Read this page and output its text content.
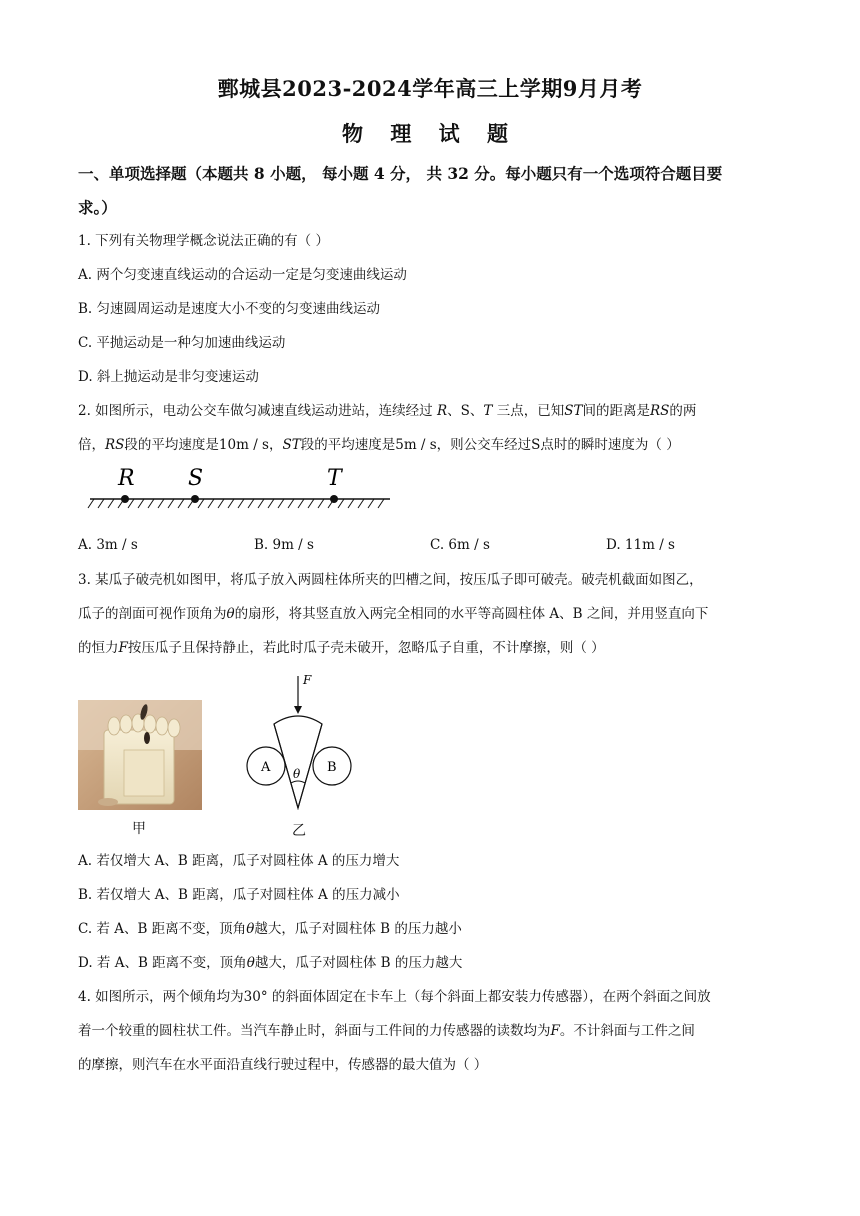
鄄城县2023-2024学年高三上学期9月月考
物 理 试 题
一、单项选择题（本题共 8 小题， 每小题 4 分， 共 32 分。每小题只有一个选项符合题目要
求。）
1. 下列有关物理学概念说法正确的有（ ）
A. 两个匀变速直线运动的合运动一定是匀变速曲线运动
B. 匀速圆周运动是速度大小不变的匀变速曲线运动
C. 平抛运动是一种匀加速曲线运动
D. 斜上抛运动是非匀变速运动
2. 如图所示，电动公交车做匀减速直线运动进站，连续经过 R、S、T 三点，已知ST间的距离是RS的两
倍，RS段的平均速度是10m / s，ST段的平均速度是5m / s，则公交车经过S点时的瞬时速度为（ ）
R S	T
A. 3m / s	B. 9m / s	C. 6m / s	D. 11m / s
3. 某瓜子破壳机如图甲，将瓜子放入两圆柱体所夹的凹槽之间，按压瓜子即可破壳。破壳机截面如图乙，
瓜子的剖面可视作顶角为θ的扇形，将其竖直放入两完全相同的水平等高圆柱体 A、B 之间，并用竖直向下
的恒力F按压瓜子且保持静止，若此时瓜子壳未破开，忽略瓜子自重，不计摩擦，则（ ）
甲
F
A	B
θ
乙
A. 若仅增大 A、B 距离，瓜子对圆柱体 A 的压力增大
B. 若仅增大 A、B 距离，瓜子对圆柱体 A 的压力减小
C. 若 A、B 距离不变，顶角θ越大，瓜子对圆柱体 B 的压力越小
D. 若 A、B 距离不变，顶角θ越大，瓜子对圆柱体 B 的压力越大
4. 如图所示，两个倾角均为30° 的斜面体固定在卡车上（每个斜面上都安装力传感器），在两个斜面之间放
着一个较重的圆柱状工件。当汽车静止时，斜面与工件间的力传感器的读数均为F。不计斜面与工件之间
的摩擦，则汽车在水平面沿直线行驶过程中，传感器的最大值为（ ）
